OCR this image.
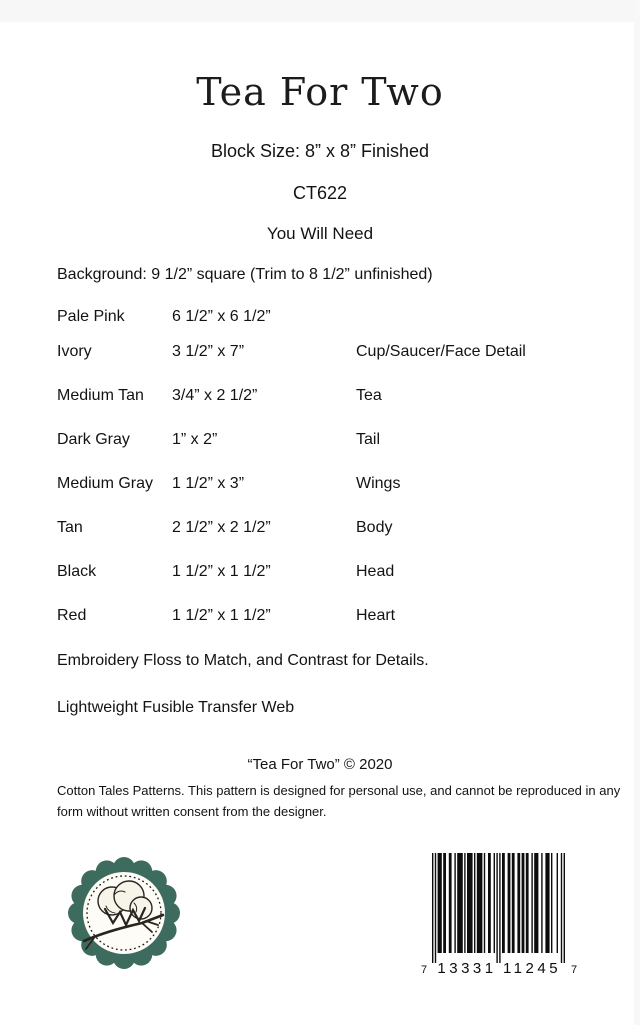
Tea For Two
Block Size: 8” x 8” Finished
CT622
You Will Need
Background: 9 1/2” square (Trim to 8 1/2” unfinished)
Pale Pink	6 1/2” x 6 1/2”
Ivory	3 1/2” x 7”	Cup/Saucer/Face Detail
Medium Tan 3/4” x 2 1/2”	Tea
Dark Gray	1” x 2”	Tail
Medium Gray 1 1/2” x 3”	Wings
Tan	2 1/2” x 2 1/2”	Body
Black	1 1/2” x 1 1/2”	Head
Red	1 1/2” x 1 1/2”	Heart
Embroidery Floss to Match, and Contrast for Details.
Lightweight Fusible Transfer Web
“Tea For Two” © 2020
Cotton Tales Patterns. This pattern is designed for personal use, and cannot be reproduced in any
form without written consent from the designer.
7 13331 11245 7
